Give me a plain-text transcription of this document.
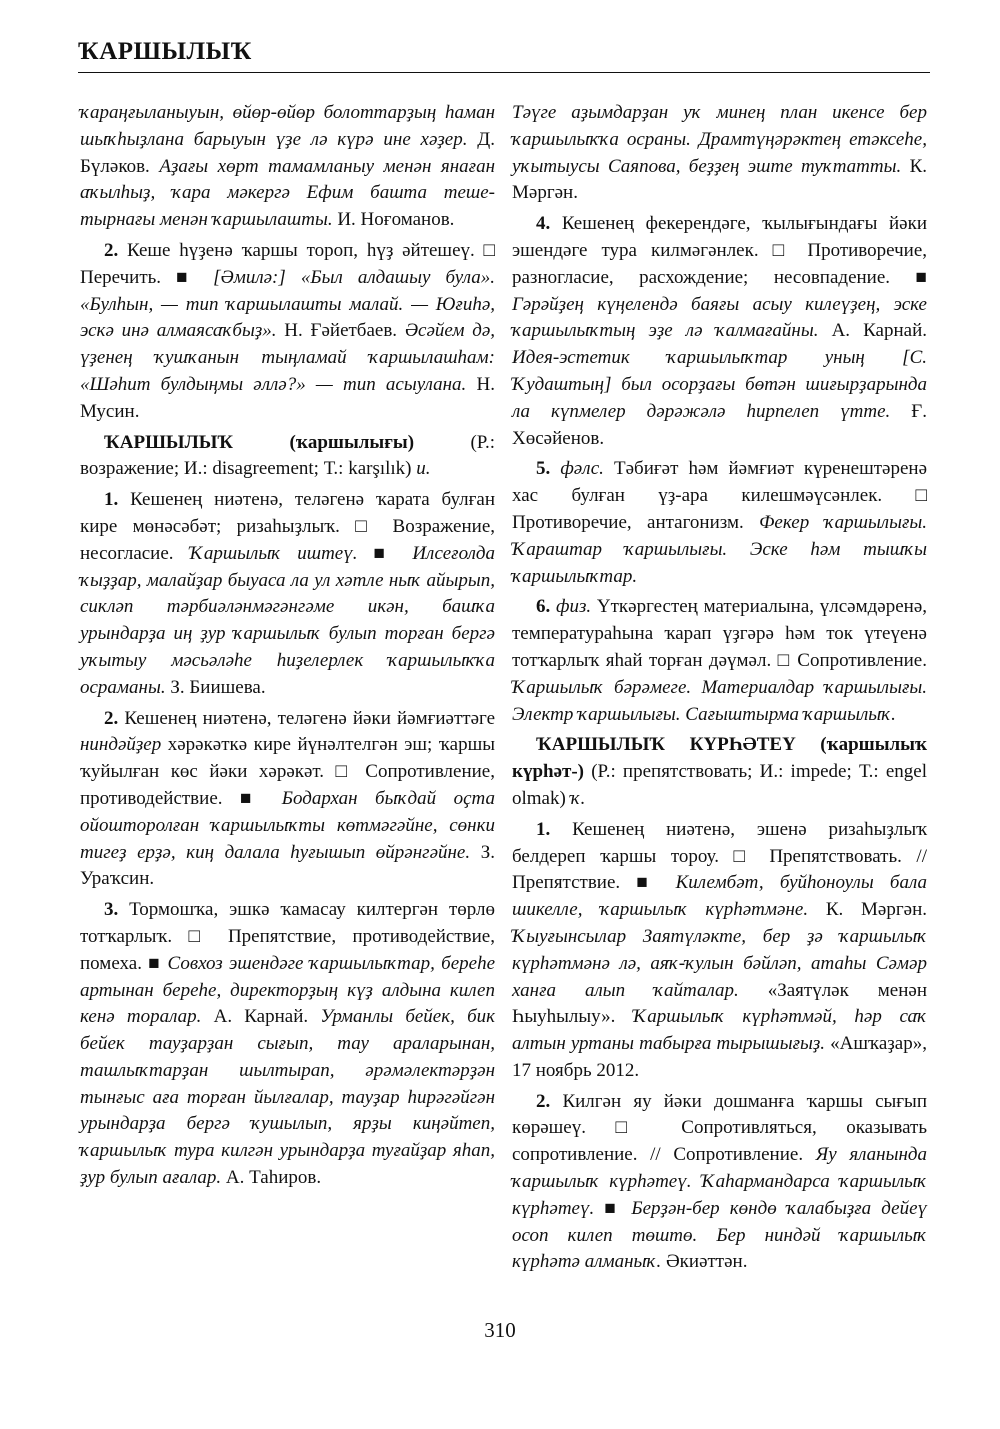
ҠАРШЫЛЫҠ

ҡараңғыланыуын, өйөр-өйөр болоттарҙың һаман шыҡһыҙлана барыуын үҙе лә күрә ине хәҙер. Д. Бүләков. Аҙағы хөрт тамамланыу менән янаған аҡылһыҙ, ҡара мәкергә Ефим башта теше-тырнағы менән ҡаршылашты. И. Ноғоманов.

2. Кеше һүҙенә ҡаршы тороп, һүҙ әйтешеү. □ Перечить. ■ [Әмилә:] «Был алдашыу була». «Булһын, — тип ҡаршылашты малай. — Юғиһә, эскә инә алмаясаҡбыҙ». Н. Ғәйетбаев. Әсәйем дә, үҙенең ҡушҡанын тыңламай ҡаршылашһам: «Шәһит булдыңмы әллә?» — тип асыулана. Н. Мусин.

ҠАРШЫЛЫҠ	(ҡаршылығы)	(Р.: возражение; И.: disagreement; Т.: karşılık) и.

1. Кешенең ниәтенә, теләгенә ҡарата булған кире мөнәсәбәт; ризаһыҙлыҡ. □ Возражение, несогласие. Ҡаршылыҡ иштеү. ■ Илсеғолда ҡыҙҙар, малайҙар быуаса ла ул хәтле ныҡ айырып, сикләп тәрбиәләнмәгәнгәме икән, башҡа урындарҙа иң ҙур ҡаршылыҡ булып торған бергә уҡытыу мәсьәләһе һиҙелерлек ҡаршылыҡҡа осраманы. З. Биишева.

2. Кешенең ниәтенә, теләгенә йәки йәмғиәттәге ниндәйҙер хәрәкәткә кире йүнәлтелгән эш; ҡаршы ҡуйылған көс йәки хәрәкәт. □ Сопротивление, противодействие. ■ Бодархан быҡдай оҫта ойошторолған ҡаршылыҡты көтмәгәйне, сөнки тигеҙ ерҙә, киң далала һуғышып өйрәнгәйне. З. Ураҡсин.

3. Тормошҡа, эшкә ҡамасау килтергән төрлө тотҡарлыҡ. □ Препятствие, противодействие, помеха. ■ Совхоз эшендәге ҡаршылыҡтар, береһе артынан береһе, директорҙың күҙ алдына килеп кенә торалар. А. Карнай. Урманлы бейек, бик бейек тауҙарҙан сығып, тау араларынан, ташлыҡтарҙан шылтырап, әрәмәлектәрҙән тынғыс аға торған йылғалар, тауҙар һирәгәйгән урындарҙа бергә ҡушылып, ярҙы киңәйтеп, ҡаршылыҡ тура килгән урындарҙа туғайҙар яһап, ҙур булып ағалар. А. Таһиров.

Тәүге аҙымдарҙан уҡ минең план икенсе бер ҡаршылыҡҡа осраны. Драмтүңәрәктең етәксеһе, уҡытыусы Саяпова, беҙҙең эште туҡтатты. К. Мәргән.

4. Кешенең фекерендәге, ҡылығындағы йәки эшендәге тура килмәгәнлек. □ Противоречие, разногласие, расхождение; несовпадение. ■ Гәрәйҙең күңелендә баяғы асыу килеүҙең, эске ҡаршылыҡтың эҙе лә ҡалмағайны. А. Карнай. Идея-эстетик ҡаршылыҡтар уның [С. Ҡудаштың] был осорҙағы бөтән шиғырҙарында ла күпмелер дәрәжәлә һирпелеп үтте. Ғ. Хөсәйенов.

5. фәлс. Тәбиғәт һәм йәмғиәт күренештәренә хас булған үҙ-ара килешмәүсәнлек. □ Противоречие, антагонизм. Фекер ҡаршылығы. Ҡараштар ҡаршылығы. Эске һәм тышҡы ҡаршылыҡтар.

6. физ. Үткәргестең материалына, үлсәмдәренә, температураһына ҡарап үҙгәрә һәм ток үтеүенә тотҡарлыҡ яһай торған дәүмәл. □ Сопротивление. Ҡаршылыҡ бәрәмеге. Материалдар ҡаршылығы. Электр ҡаршылығы. Сағыштырма ҡаршылыҡ.

ҠАРШЫЛЫҠ КҮРҺӘТЕҮ (ҡаршылыҡ күрһәт-) (Р.: препятствовать; И.: impede; Т.: engel olmak) ҡ.

1. Кешенең ниәтенә, эшенә ризаһыҙлыҡ белдереп ҡаршы тороу. □ Препятствовать. // Препятствие. ■ Килембәт, буйһоноулы бала шикелле, ҡаршылыҡ күрһәтмәне. К. Мәргән. Ҡыуғынсылар Заятүләкте, бер ҙә ҡаршылыҡ күрһәтмәнә лә, аяҡ-ҡулын бәйләп, атаһы Сәмәр ханға алып ҡайталар. «Заятүләк менән Һыуһылыу». Ҡаршылыҡ күрһәтмәй, һәр саҡ алтын уртаны табырға тырышығыҙ. «Ашҡаҙар», 17 ноябрь 2012.

2. Килгән яу йәки дошманға ҡаршы сығып көрәшеү. □ Сопротивляться, оказывать сопротивление. // Сопротивление. Яу яланында ҡаршылыҡ күрһәтеү. Ҡаһармандарса ҡаршылыҡ күрһәтеү. ■ Берҙән-бер көндө ҡалабыҙға дейеү осоп килеп төштө. Бер ниндәй ҡаршылыҡ күрһәтә алманыҡ. Әкиәттән.

310
